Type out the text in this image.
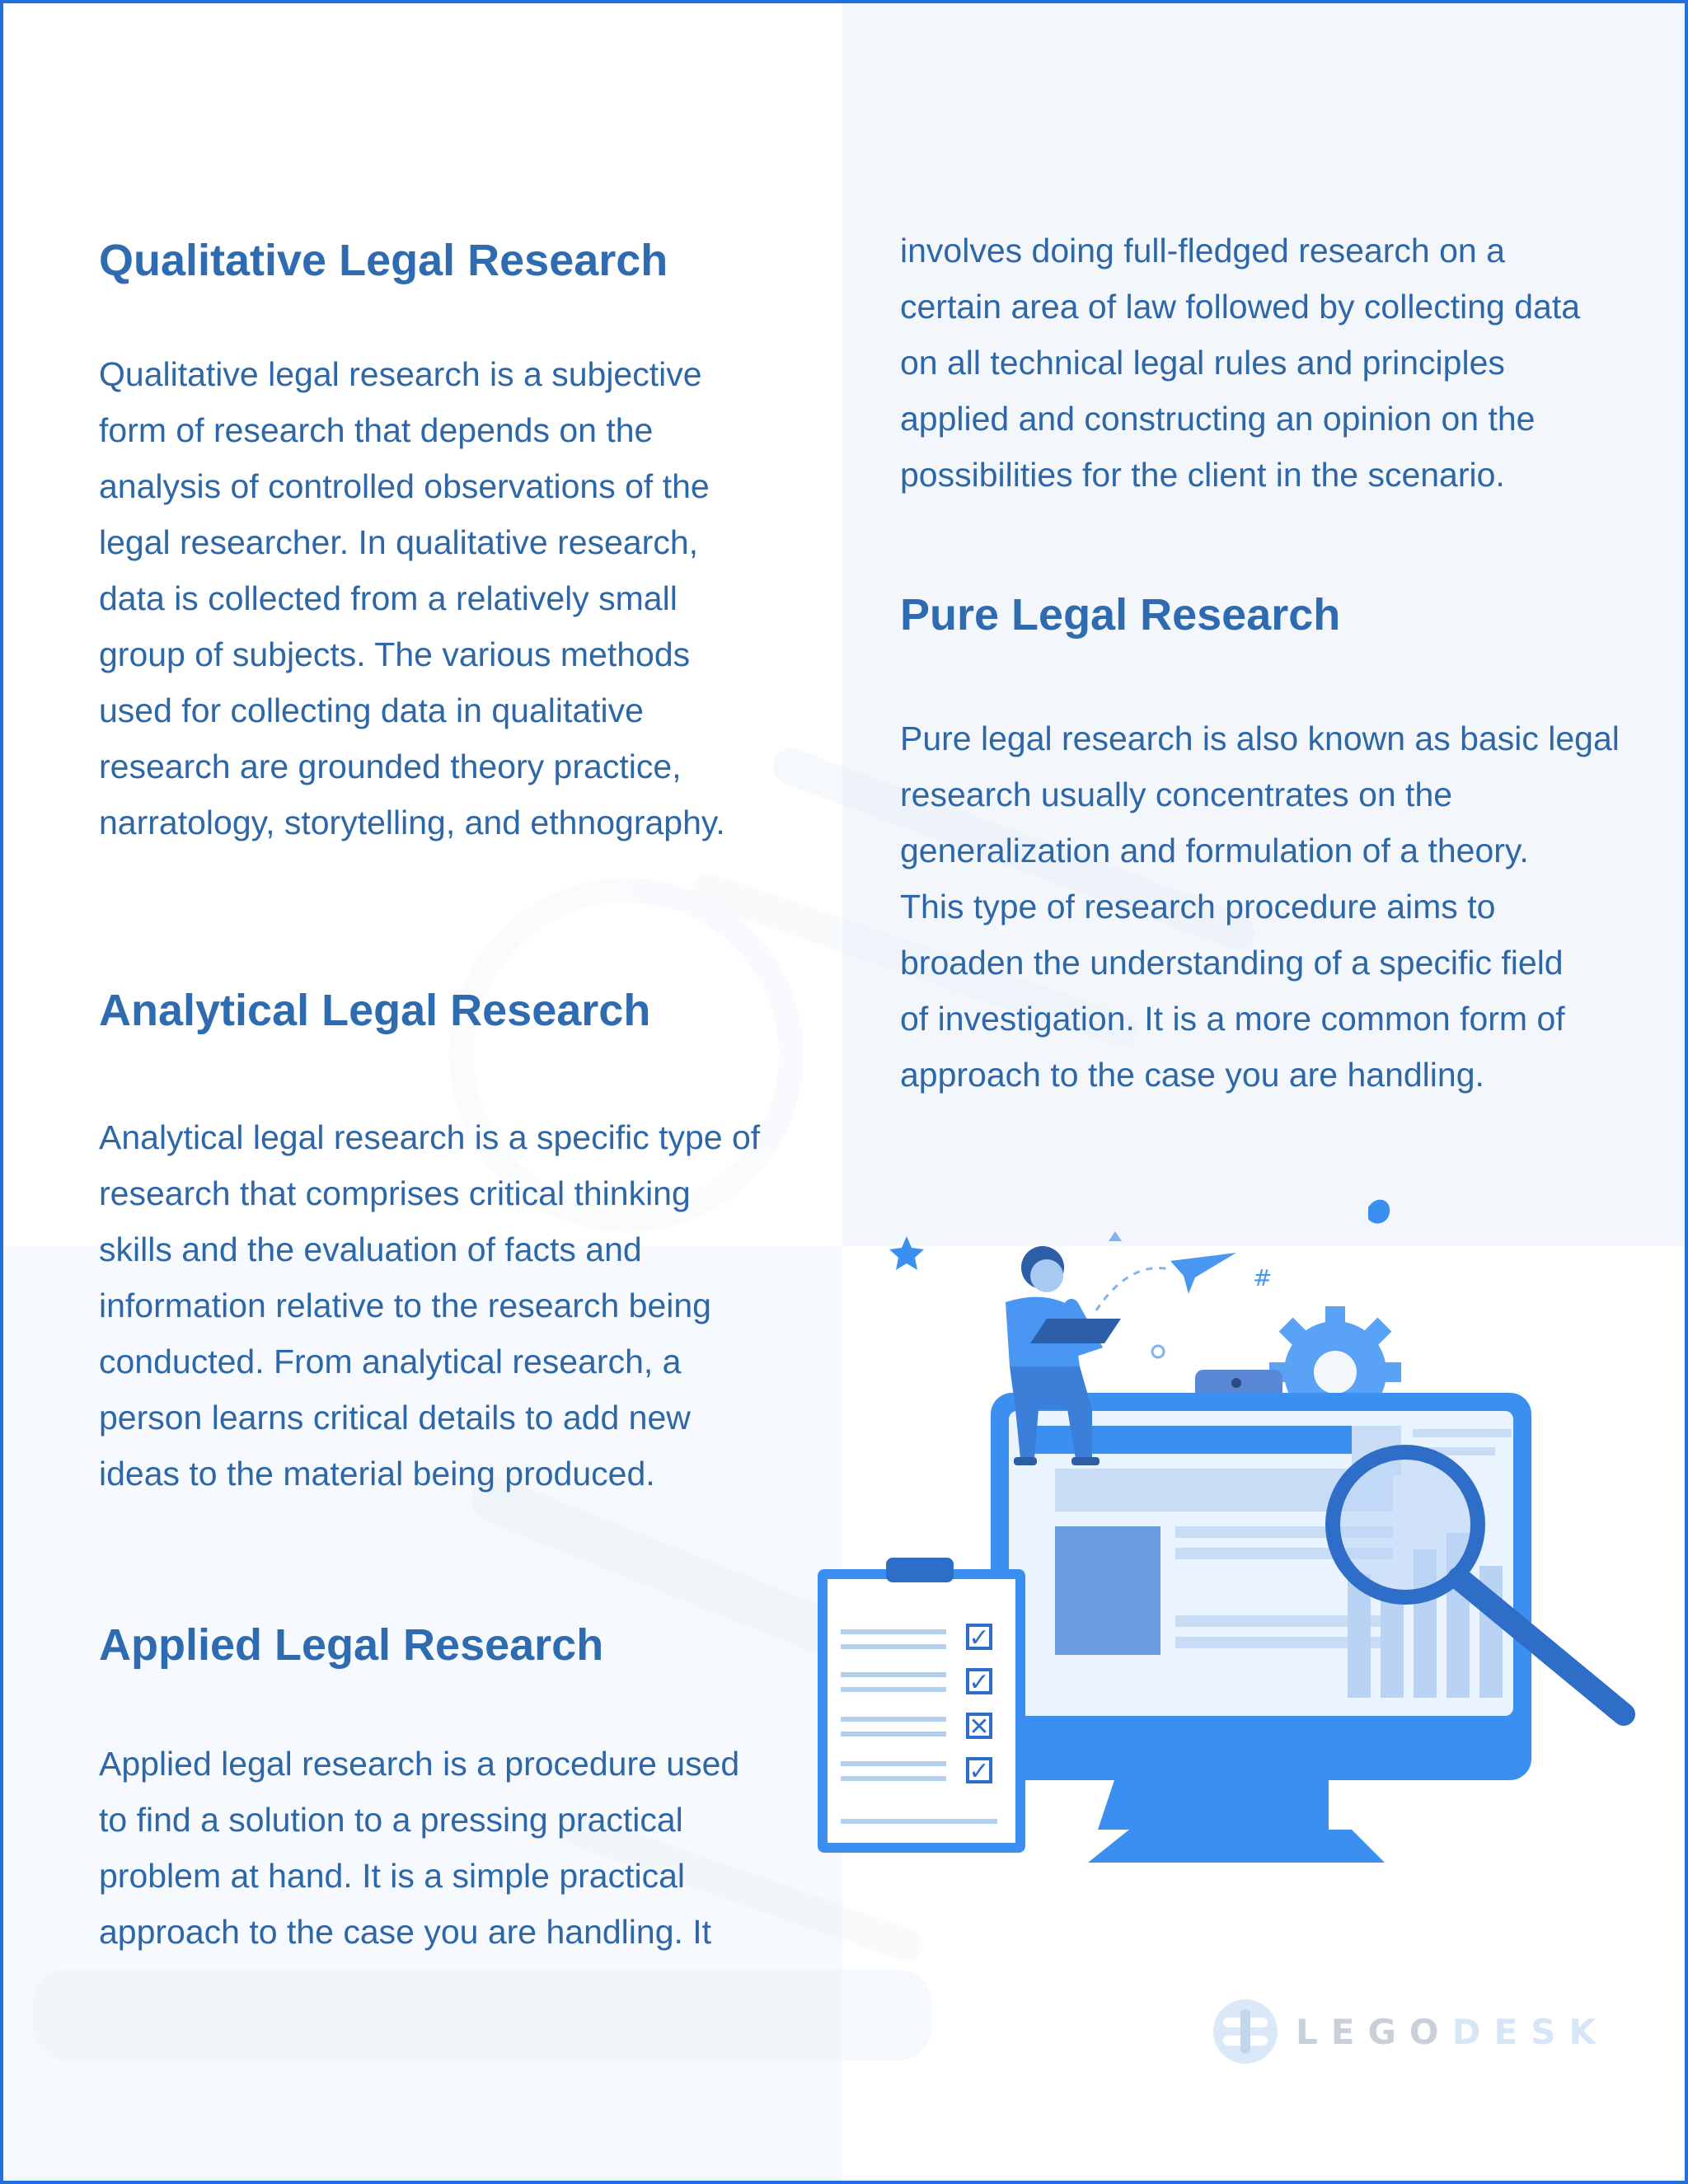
Qualitative Legal Research

Qualitative legal research is a subjective
form of research that depends on the
analysis of controlled observations of the
legal researcher. In qualitative research,
data is collected from a relatively small
group of subjects. The various methods
used for collecting data in qualitative
research are grounded theory practice,
narratology, storytelling, and ethnography.

Analytical Legal Research

Analytical legal research is a specific type of
research that comprises critical thinking
skills and the evaluation of facts and
information relative to the research being
conducted. From analytical research, a
person learns critical details to add new
ideas to the material being produced.

Applied Legal Research

Applied legal research is a procedure used
to find a solution to a pressing practical
problem at hand. It is a simple practical
approach to the case you are handling. It

involves doing full-fledged research on a
certain area of law followed by collecting data
on all technical legal rules and principles
applied and constructing an opinion on the
possibilities for the client in the scenario.

Pure Legal Research

Pure legal research is also known as basic legal
research usually concentrates on the
generalization and formulation of a theory.
This type of research procedure aims to
broaden the understanding of a specific field
of investigation. It is a more common form of
approach to the case you are handling.

#
✓
✓
✕
✓
LEGODESK
